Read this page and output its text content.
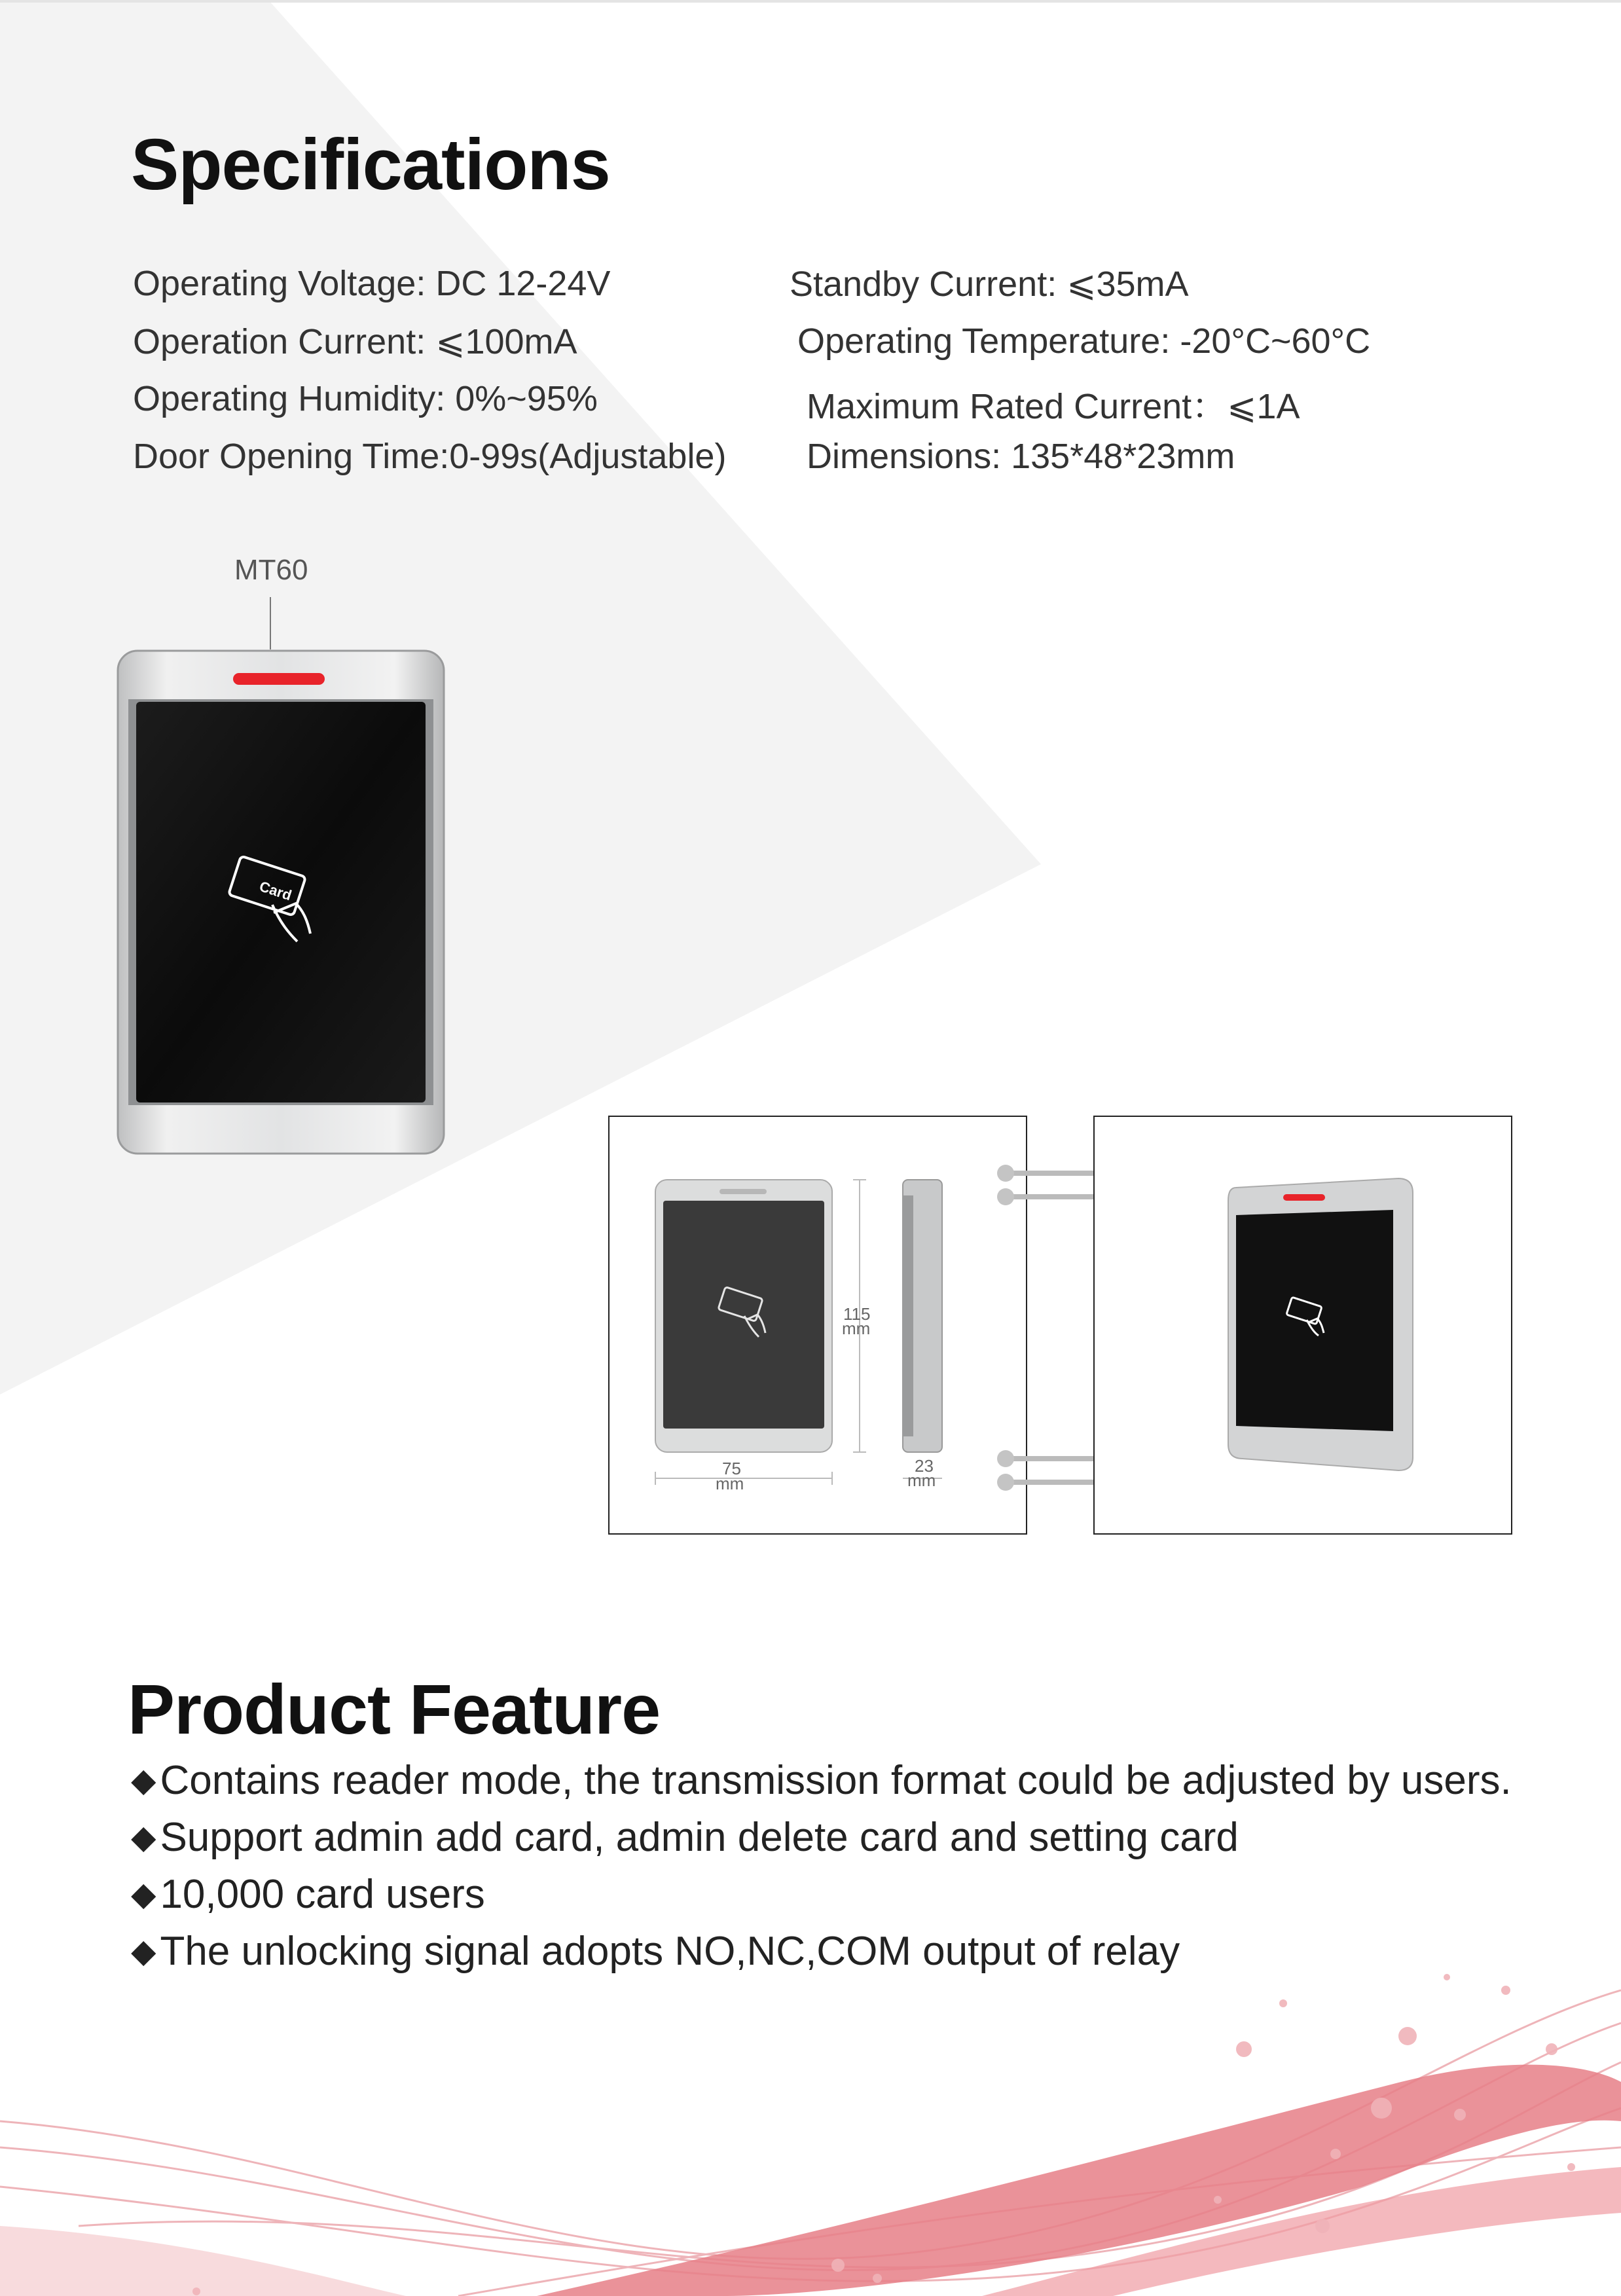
Specifications
Operating Voltage: DC 12-24V
Operation Current: ⩽100mA
Operating Humidity: 0%~95%
Door Opening Time:0-99s(Adjustable)
Standby Current: ⩽35mA
Operating Temperature: -20°C~60°C
Maximum Rated Current：⩽1A
Dimensions: 135*48*23mm
MT60
Card
115
mm
75
mm
23
mm
Product Feature
◆Contains reader mode, the transmission format could be adjusted by users.
◆Support admin add card, admin delete card and setting card
◆10,000 card users
◆The unlocking signal adopts NO,NC,COM output of relay
